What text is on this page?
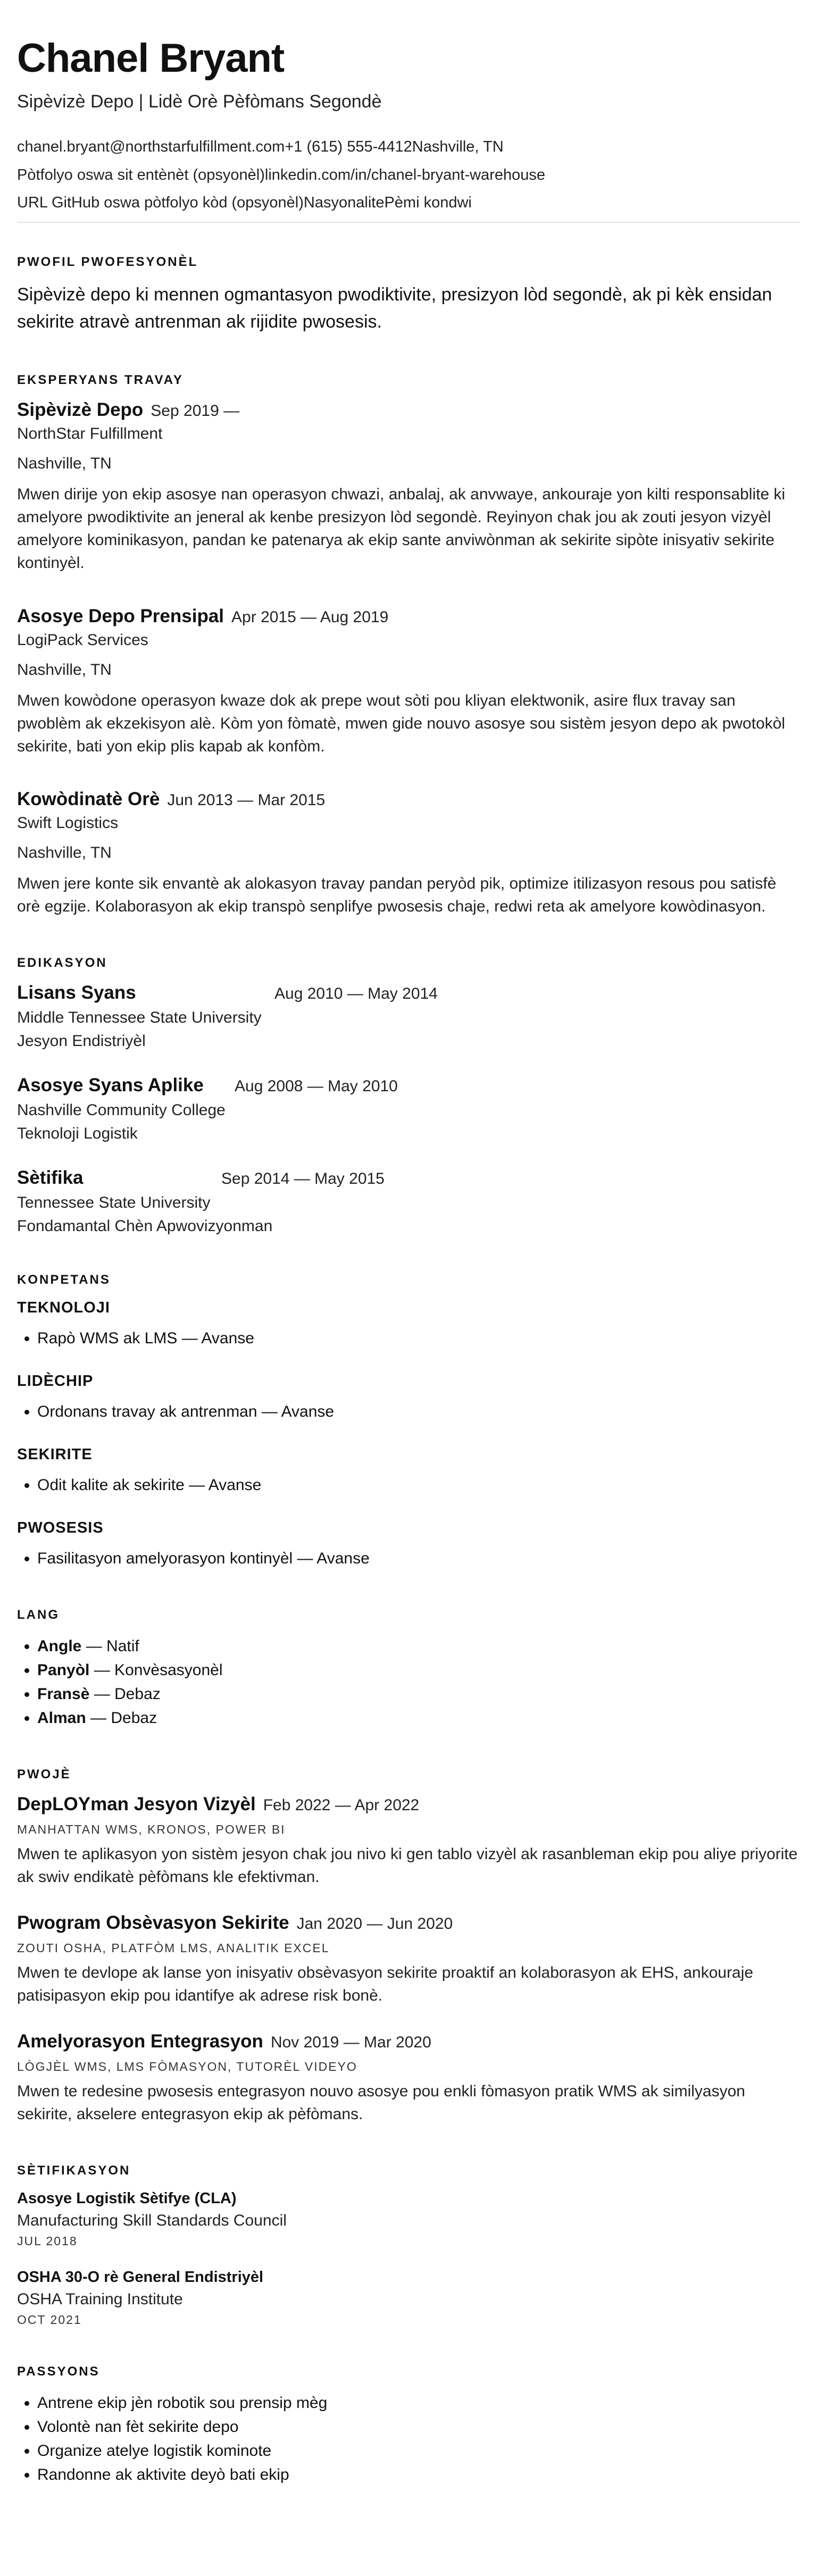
Chanel Bryant
Sipèvizè Depo | Lidè Orè Pèfòmans Segondè
chanel.bryant@northstarfulfillment.com+1 (615) 555-4412Nashville, TN
Pòtfolyo oswa sit entènèt (opsyonèl)linkedin.com/in/chanel-bryant-warehouse
URL GitHub oswa pòtfolyo kòd (opsyonèl)NasyonalitePèmi kondwi
PWOFIL PWOFESYONÈL

Sipèvizè depo ki mennen ogmantasyon pwodiktivite, presizyon lòd segondè, ak pi kèk ensidan sekirite atravè antrenman ak rijidite pwosesis.

EKSPERYANS TRAVAY
Sipèvizè Depo Sep 2019 —
NorthStar Fulfillment
Nashville, TN
Mwen dirije yon ekip asosye nan operasyon chwazi, anbalaj, ak anvwaye, ankouraje yon kilti responsablite ki amelyore pwodiktivite an jeneral ak kenbe presizyon lòd segondè. Reyinyon chak jou ak zouti jesyon vizyèl amelyore kominikasyon, pandan ke patenarya ak ekip sante anviwònman ak sekirite sipòte inisyativ sekirite kontinyèl.
Asosye Depo Prensipal Apr 2015 — Aug 2019
LogiPack Services
Nashville, TN
Mwen kowòdone operasyon kwaze dok ak prepe wout sòti pou kliyan elektwonik, asire flux travay san pwoblèm ak ekzekisyon alè. Kòm yon fòmatè, mwen gide nouvo asosye sou sistèm jesyon depo ak pwotokòl sekirite, bati yon ekip plis kapab ak konfòm.
Kowòdinatè Orè Jun 2013 — Mar 2015
Swift Logistics
Nashville, TN
Mwen jere konte sik envantè ak alokasyon travay pandan peryòd pik, optimize itilizasyon resous pou satisfè orè egzije. Kolaborasyon ak ekip transpò senplifye pwosesis chaje, redwi reta ak amelyore kowòdinasyon.
EDIKASYON
Lisans Syans	Aug 2010 — May 2014
Middle Tennessee State University
Jesyon Endistriyèl
Asosye Syans Aplike	Aug 2008 — May 2010
Nashville Community College
Teknoloji Logistik
Sètifika	Sep 2014 — May 2015
Tennessee State University
Fondamantal Chèn Apwovizyonman
KONPETANS
TEKNOLOJI
• Rapò WMS ak LMS — Avanse
LIDÈCHIP
• Ordonans travay ak antrenman — Avanse
SEKIRITE
• Odit kalite ak sekirite — Avanse
PWOSESIS
• Fasilitasyon amelyorasyon kontinyèl — Avanse
LANG
• Angle — Natif
• Panyòl — Konvèsasyonèl
• Fransè — Debaz
• Alman — Debaz
PWOJÈ
DepLOYman Jesyon Vizyèl Feb 2022 — Apr 2022
MANHATTAN WMS, KRONOS, POWER BI
Mwen te aplikasyon yon sistèm jesyon chak jou nivo ki gen tablo vizyèl ak rasanbleman ekip pou aliye priyorite ak swiv endikatè pèfòmans kle efektivman.
Pwogram Obsèvasyon Sekirite Jan 2020 — Jun 2020
ZOUTI OSHA, PLATFÒM LMS, ANALITIK EXCEL
Mwen te devlope ak lanse yon inisyativ obsèvasyon sekirite proaktif an kolaborasyon ak EHS, ankouraje patisipasyon ekip pou idantifye ak adrese risk bonè.
Amelyorasyon Entegrasyon Nov 2019 — Mar 2020
LÒGJÈL WMS, LMS FÒMASYON, TUTORÈL VIDEYO
Mwen te redesine pwosesis entegrasyon nouvo asosye pou enkli fòmasyon pratik WMS ak similyasyon sekirite, akselere entegrasyon ekip ak pèfòmans.
SÈTIFIKASYON
Asosye Logistik Sètifye (CLA)
Manufacturing Skill Standards Council
JUL 2018
OSHA 30-O rè General Endistriyèl
OSHA Training Institute
OCT 2021
PASSYONS
• Antrene ekip jèn robotik sou prensip mèg
• Volontè nan fèt sekirite depo
• Organize atelye logistik kominote
• Randonne ak aktivite deyò bati ekip
